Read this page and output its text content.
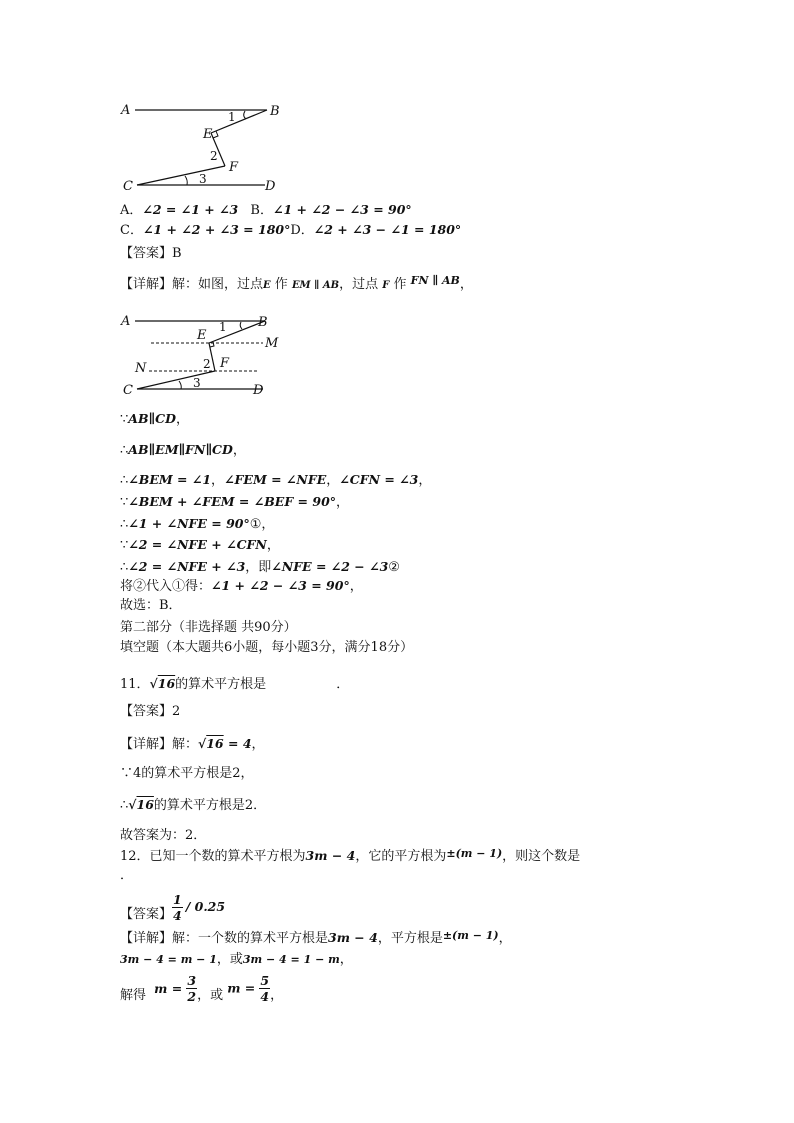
A	B
C	D
E
F
1
2
3
A．∠2 = ∠1 + ∠3 B．∠1 + ∠2 − ∠3 = 90°
C．∠1 + ∠2 + ∠3 = 180°D．∠2 + ∠3 − ∠1 = 180°
【答案】B
【详解】解：如图，过点E 作 EM ∥ AB，过点 F 作 $^{FN \parallel AB}$，
A	B
C	D
E
F
M
N
1
2
3
∵AB∥CD，
∴AB∥EM∥FN∥CD，
∴∠BEM = ∠1，∠FEM = ∠NFE，∠CFN = ∠3，
∵∠BEM + ∠FEM = ∠BEF = 90°，
∴∠1 + ∠NFE = 90°①，
∵∠2 = ∠NFE + ∠CFN，
∴∠2 = ∠NFE + ∠3，即∠NFE = ∠2 − ∠3②
将②代入①得：∠1 + ∠2 − ∠3 = 90°，
故选：B．
第二部分（非选择题 共90分）
填空题（本大题共6小题，每小题3分，满分18分）
11．√16的算术平方根是	．
【答案】2
【详解】解：√16 = 4，
∵4的算术平方根是2，
∴√16的算术平方根是2．
故答案为：2．
12．已知一个数的算术平方根为3m − 4，它的平方根为$^{\pm(m - 1)}$，则这个数是
．
【答案】 $\frac{1}{4} / 0.25$
【详解】解：一个数的算术平方根是3m − 4，平方根是$^{\pm(m - 1)}$，
3m − 4 = m − 1，或3m − 4 = 1 − m，
解得 $m = \frac{3}{2}$ ，或 $m = \frac{5}{4}$ ，
